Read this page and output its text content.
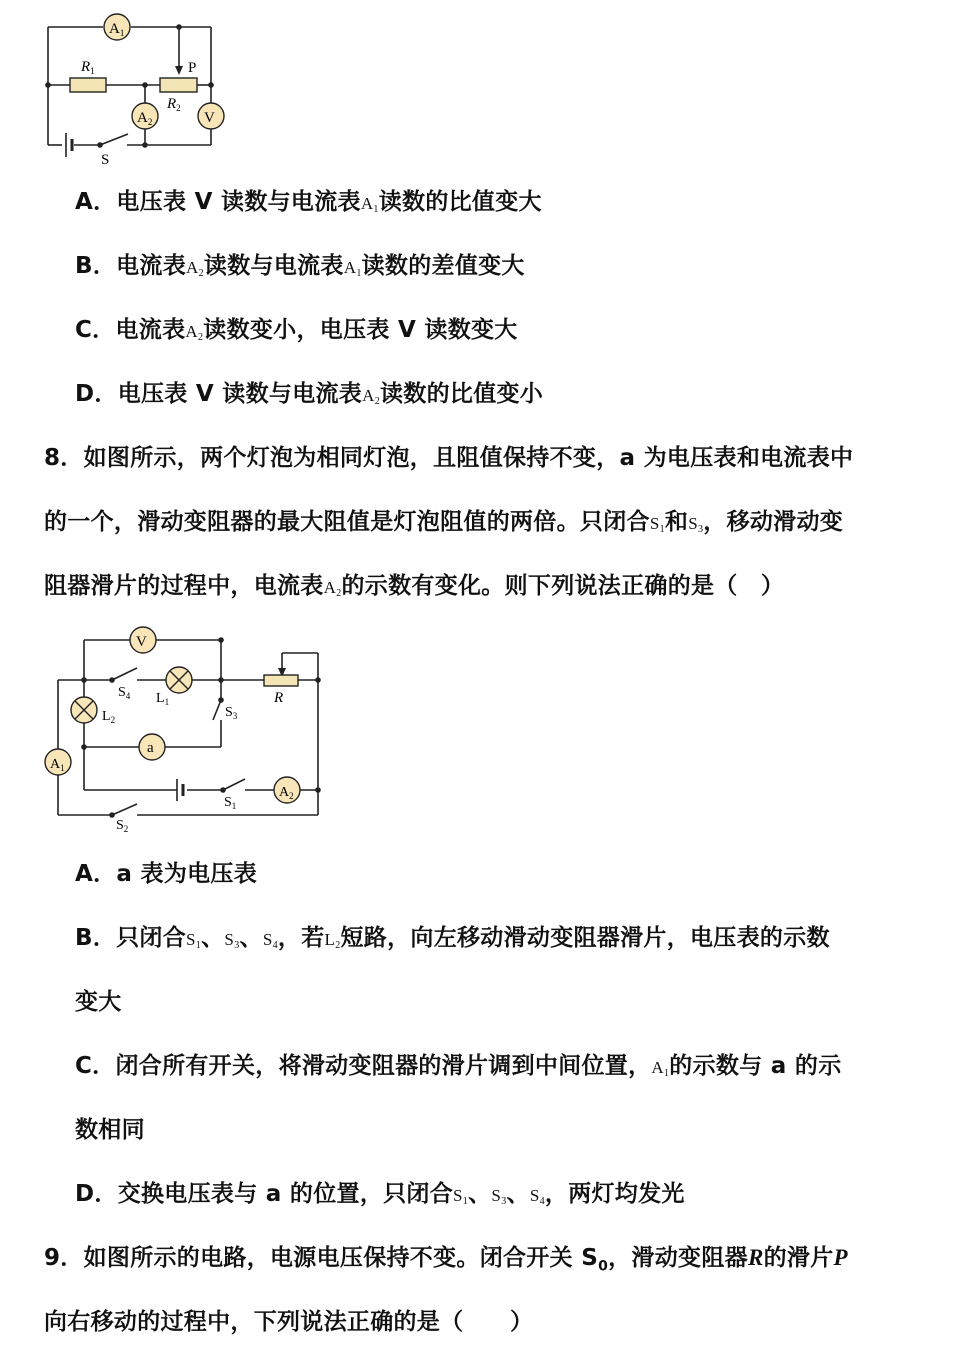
$A_1$
$A_2$	V
$R_1$
$R_2$
P
S
A．电压表 V 读数与电流表A1读数的比值变大
B．电流表A2读数与电流表A1读数的差值变大
C．电流表A2读数变小，电压表 V 读数变大
D．电压表 V 读数与电流表A2读数的比值变小
8．如图所示，两个灯泡为相同灯泡，且阻值保持不变，a 为电压表和电流表中
的一个，滑动变阻器的最大阻值是灯泡阻值的两倍。只闭合S1和S3，移动滑动变
阻器滑片的过程中，电流表A2的示数有变化。则下列说法正确的是（　）
V
a
$A_1$
$A_2$
$S_4$ $L_1$	R
$L_2$	$S_3$
$S_1$
$S_2$
A．a 表为电压表
B．只闭合S1、S3、S4，若L2短路，向左移动滑动变阻器滑片，电压表的示数
变大
C．闭合所有开关，将滑动变阻器的滑片调到中间位置，A1的示数与 a 的示
数相同
D．交换电压表与 a 的位置，只闭合S1、S3、S4，两灯均发光
9．如图所示的电路，电源电压保持不变。闭合开关 $S_0$，滑动变阻器R的滑片P
向右移动的过程中，下列说法正确的是（　　）
